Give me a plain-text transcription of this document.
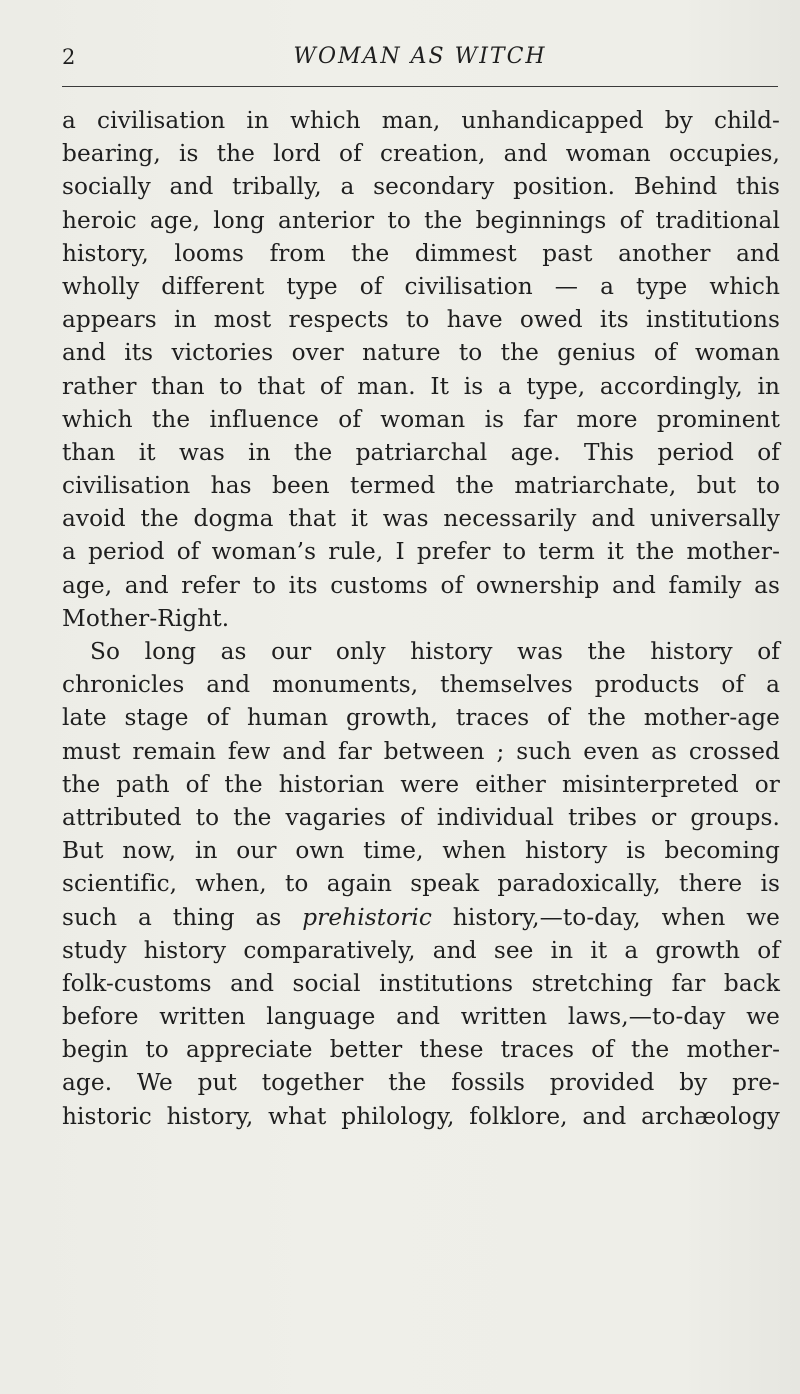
2	WOMAN AS WITCH
a civilisation in which man, unhandicapped by child-
bearing, is the lord of creation, and woman occupies,
socially and tribally, a secondary position. Behind this
heroic age, long anterior to the beginnings of traditional
history, looms from the dimmest past another and
wholly different type of civilisation — a type which
appears in most respects to have owed its institutions
and its victories over nature to the genius of woman
rather than to that of man. It is a type, accordingly, in
which the influence of woman is far more prominent
than it was in the patriarchal age. This period of
civilisation has been termed the matriarchate, but to
avoid the dogma that it was necessarily and universally
a period of woman’s rule, I prefer to term it the mother-
age, and refer to its customs of ownership and family as
Mother-Right.
So long as our only history was the history of
chronicles and monuments, themselves products of a
late stage of human growth, traces of the mother-age
must remain few and far between ; such even as crossed
the path of the historian were either misinterpreted or
attributed to the vagaries of individual tribes or groups.
But now, in our own time, when history is becoming
scientific, when, to again speak paradoxically, there is
such a thing as prehistoric history,—to-day, when we
study history comparatively, and see in it a growth of
folk-customs and social institutions stretching far back
before written language and written laws,—to-day we
begin to appreciate better these traces of the mother-
age. We put together the fossils provided by pre-
historic history, what philology, folklore, and archæology
